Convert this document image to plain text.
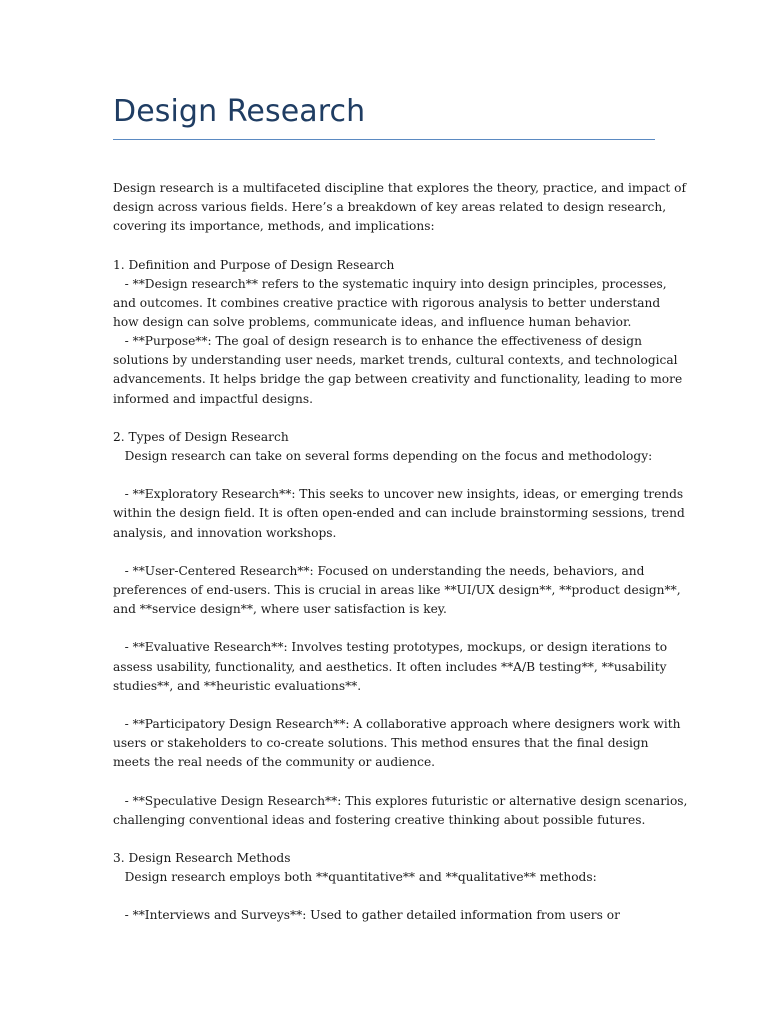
Design Research
Design research is a multifaceted discipline that explores the theory, practice, and impact of
design across various fields. Here’s a breakdown of key areas related to design research,
covering its importance, methods, and implications:
1. Definition and Purpose of Design Research
- **Design research** refers to the systematic inquiry into design principles, processes,
and outcomes. It combines creative practice with rigorous analysis to better understand
how design can solve problems, communicate ideas, and influence human behavior.
- **Purpose**: The goal of design research is to enhance the effectiveness of design
solutions by understanding user needs, market trends, cultural contexts, and technological
advancements. It helps bridge the gap between creativity and functionality, leading to more
informed and impactful designs.
2. Types of Design Research
Design research can take on several forms depending on the focus and methodology:
- **Exploratory Research**: This seeks to uncover new insights, ideas, or emerging trends
within the design field. It is often open-ended and can include brainstorming sessions, trend
analysis, and innovation workshops.
- **User-Centered Research**: Focused on understanding the needs, behaviors, and
preferences of end-users. This is crucial in areas like **UI/UX design**, **product design**,
and **service design**, where user satisfaction is key.
- **Evaluative Research**: Involves testing prototypes, mockups, or design iterations to
assess usability, functionality, and aesthetics. It often includes **A/B testing**, **usability
studies**, and **heuristic evaluations**.
- **Participatory Design Research**: A collaborative approach where designers work with
users or stakeholders to co-create solutions. This method ensures that the final design
meets the real needs of the community or audience.
- **Speculative Design Research**: This explores futuristic or alternative design scenarios,
challenging conventional ideas and fostering creative thinking about possible futures.
3. Design Research Methods
Design research employs both **quantitative** and **qualitative** methods:
- **Interviews and Surveys**: Used to gather detailed information from users or
